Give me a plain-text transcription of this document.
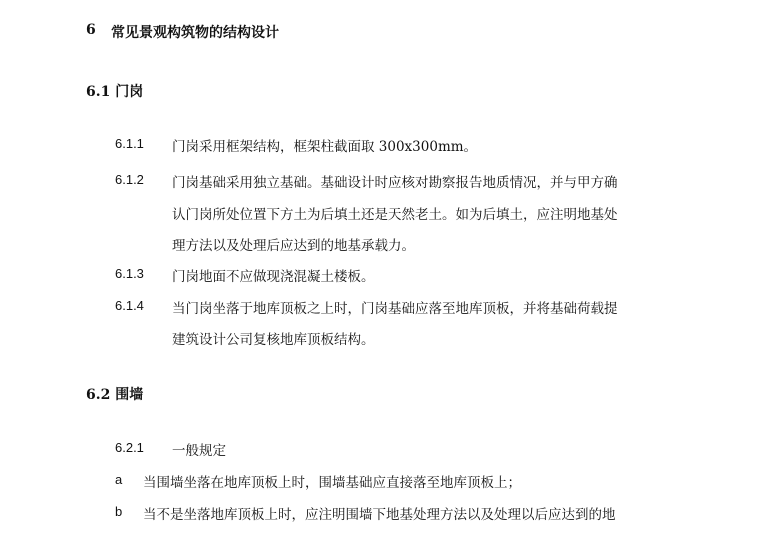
6 常见景观构筑物的结构设计
6.1 门岗
6.1.1 门岗采用框架结构，框架柱截面取 300x300mm。
6.1.2 门岗基础采用独立基础。基础设计时应核对勘察报告地质情况，并与甲方确
认门岗所处位置下方土为后填土还是天然老土。如为后填土，应注明地基处
理方法以及处理后应达到的地基承载力。
6.1.3 门岗地面不应做现浇混凝土楼板。
6.1.4 当门岗坐落于地库顶板之上时，门岗基础应落至地库顶板，并将基础荷载提
建筑设计公司复核地库顶板结构。
6.2 围墙
6.2.1 一般规定
a 当围墙坐落在地库顶板上时，围墙基础应直接落至地库顶板上；
b 当不是坐落地库顶板上时，应注明围墙下地基处理方法以及处理以后应达到的地
